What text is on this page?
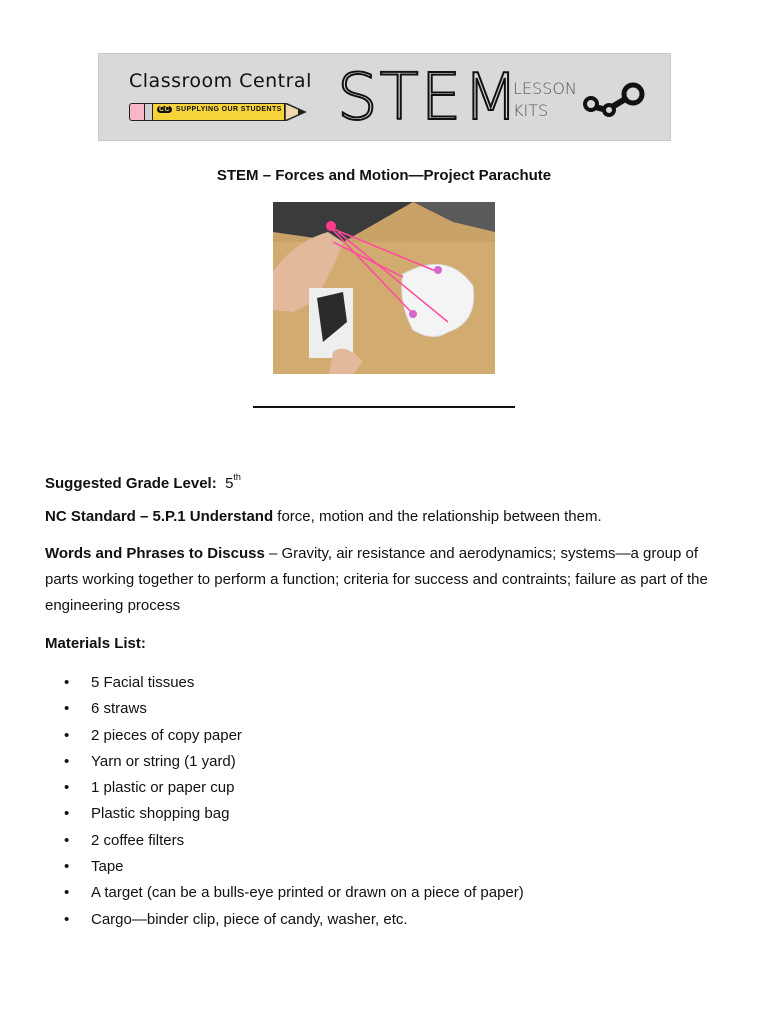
Classroom Central
CC SUPPLYING OUR STUDENTS STEM
LESSON
KITS
STEM – Forces and Motion—Project Parachute
Suggested Grade Level: 5th
NC Standard – 5.P.1 Understand force, motion and the relationship between them.
Words and Phrases to Discuss – Gravity, air resistance and aerodynamics; systems—a group of parts working together to perform a function; criteria for success and contraints; failure as part of the engineering process
Materials List:
• 5 Facial tissues
• 6 straws
• 2 pieces of copy paper
• Yarn or string (1 yard)
• 1 plastic or paper cup
• Plastic shopping bag
• 2 coffee filters
• Tape
• A target (can be a bulls-eye printed or drawn on a piece of paper)
• Cargo—binder clip, piece of candy, washer, etc.
